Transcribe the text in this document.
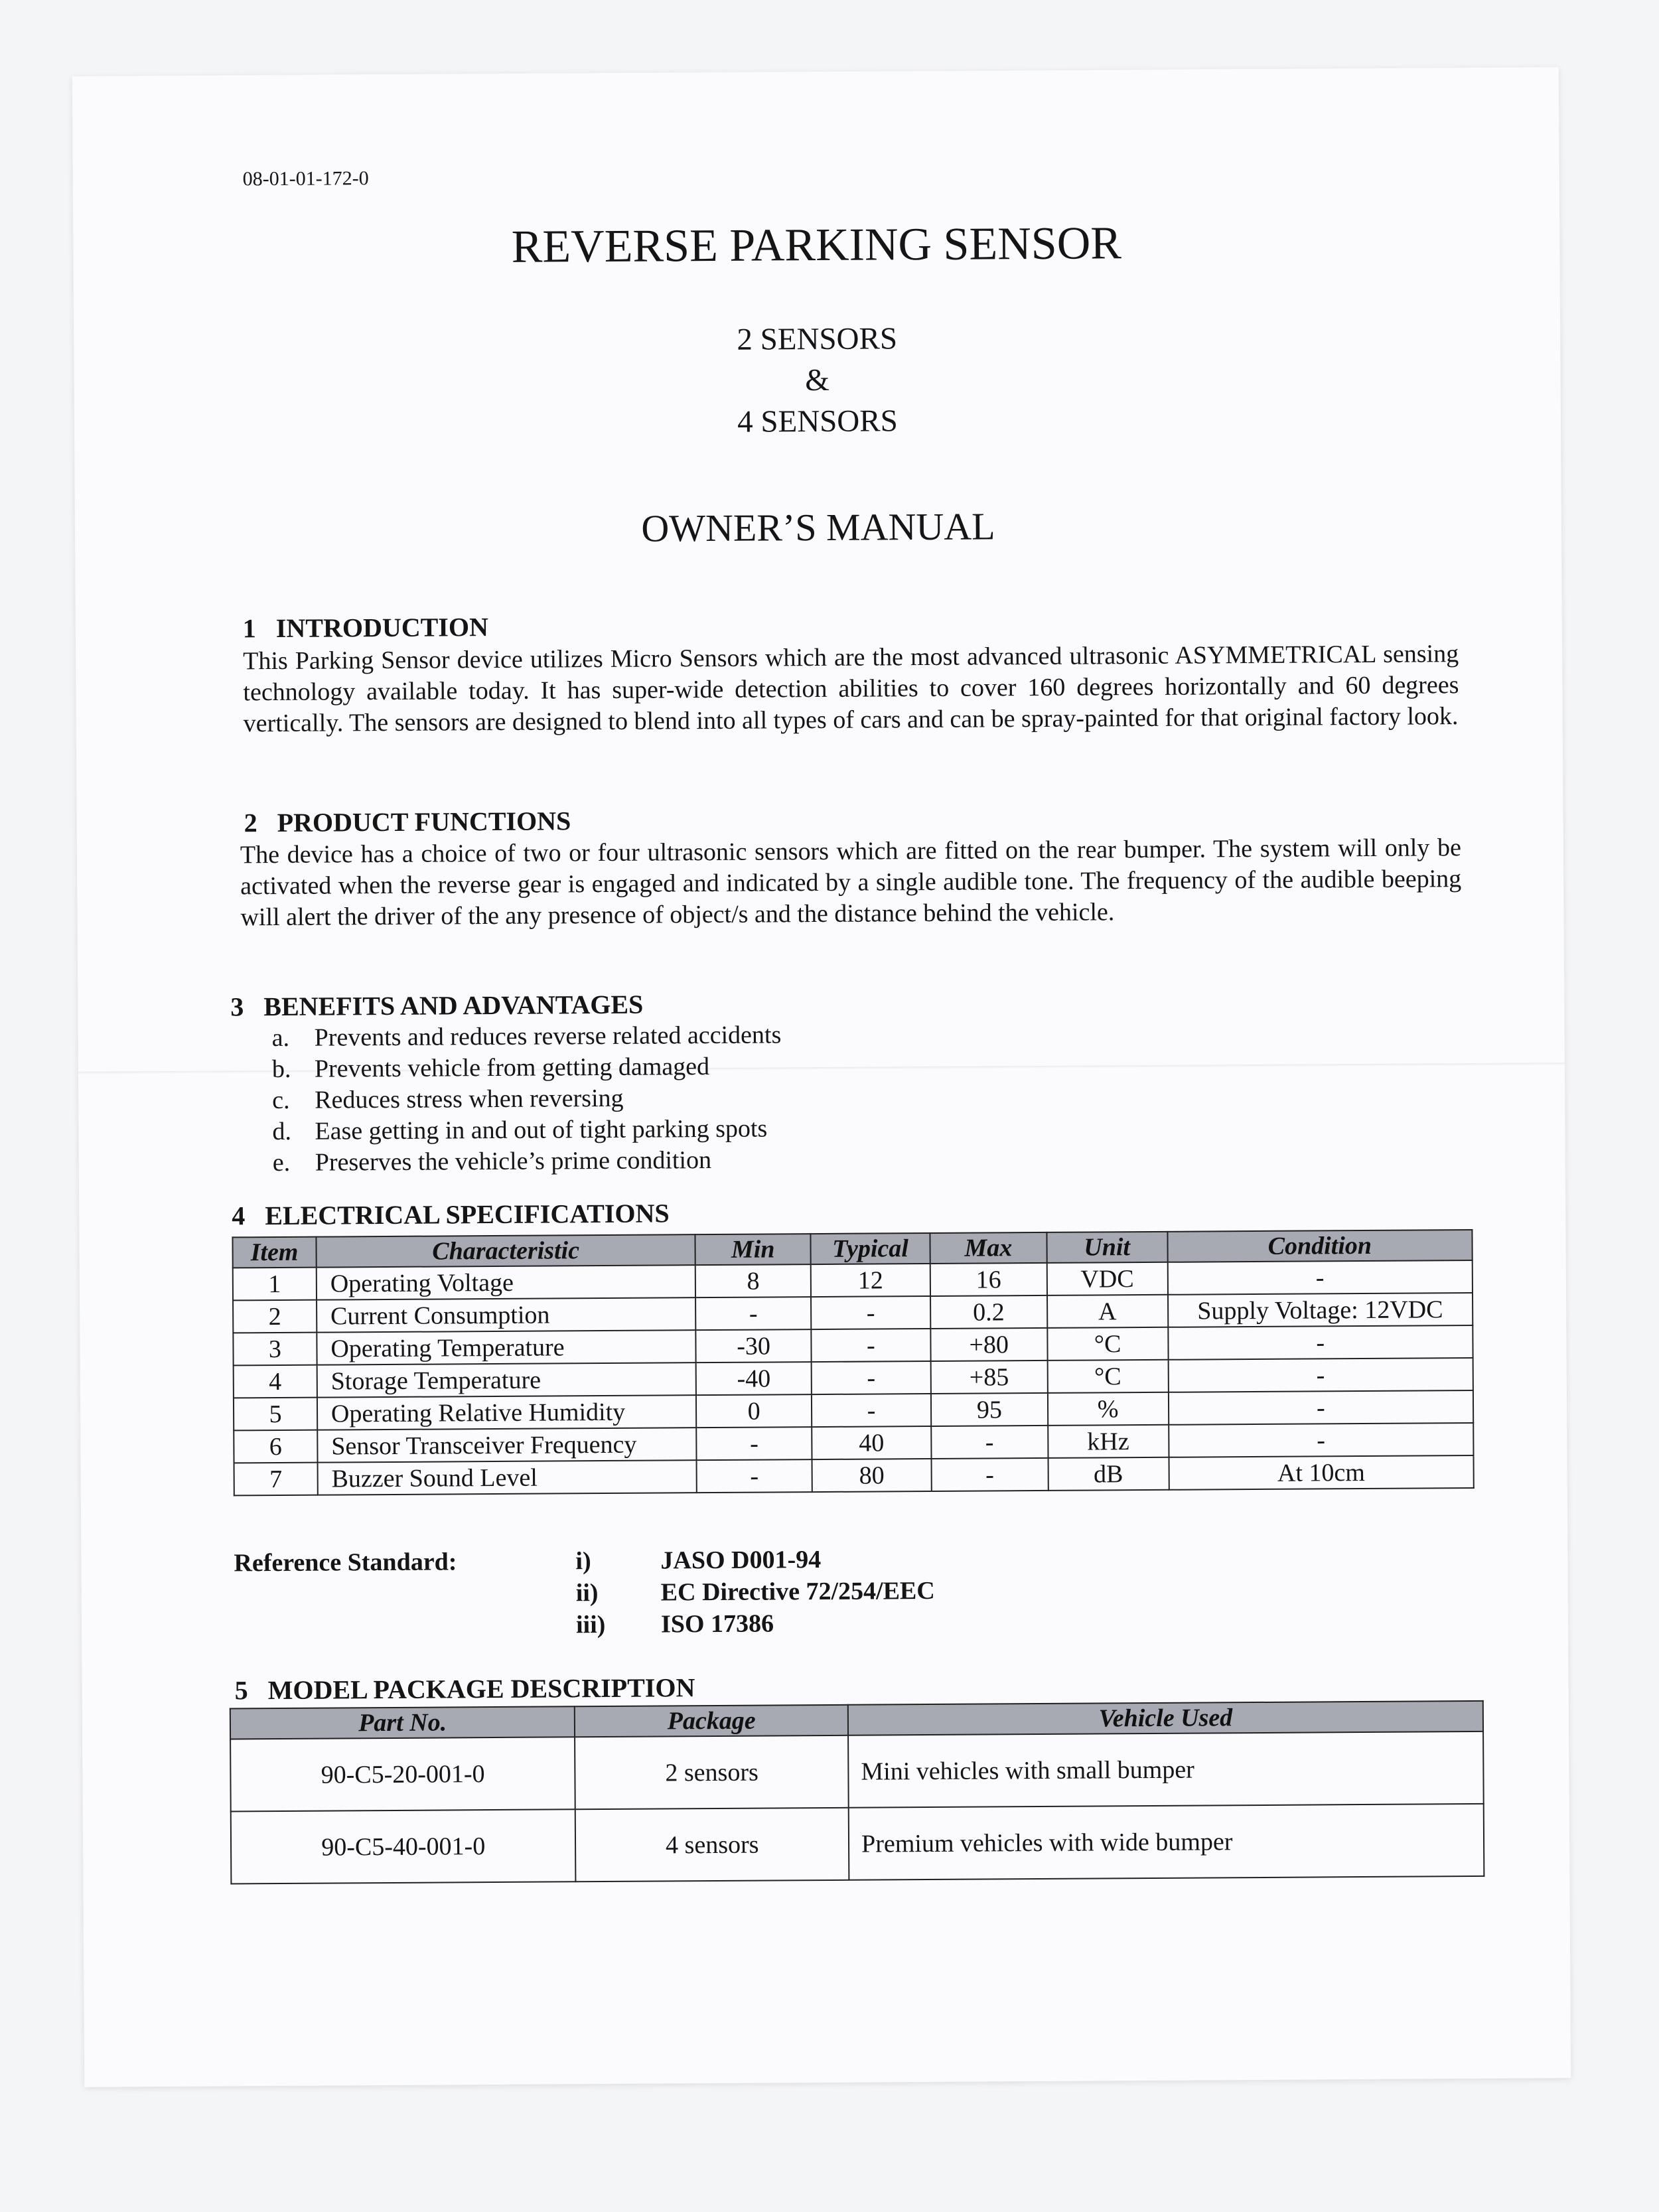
08-01-01-172-0
REVERSE PARKING SENSOR
2 SENSORS
&
4 SENSORS
OWNER’S MANUAL
1   INTRODUCTION
This Parking Sensor device utilizes Micro Sensors which are the most advanced ultrasonic ASYMMETRICAL sensing technology available today. It has super-wide detection abilities to cover 160 degrees horizontally and 60 degrees vertically. The sensors are designed to blend into all types of cars and can be spray-painted for that original factory look.
2   PRODUCT FUNCTIONS
The device has a choice of two or four ultrasonic sensors which are fitted on the rear bumper. The system will only be activated when the reverse gear is engaged and indicated by a single audible tone. The frequency of the audible beeping will alert the driver of the any presence of object/s and the distance behind the vehicle.
3   BENEFITS AND ADVANTAGES
a. Prevents and reduces reverse related accidents
b. Prevents vehicle from getting damaged
c. Reduces stress when reversing
d. Ease getting in and out of tight parking spots
e. Preserves the vehicle’s prime condition
4   ELECTRICAL SPECIFICATIONS
Item	Characteristic	Min	Typical	Max	Unit	Condition
1	Operating Voltage	8	12	16	VDC	-
2	Current Consumption	-	-	0.2	A	Supply Voltage: 12VDC
3	Operating Temperature	-30	-	+80	°C	-
4	Storage Temperature	-40	-	+85	°C	-
5	Operating Relative Humidity	0	-	95	%	-
6	Sensor Transceiver Frequency	-	40	-	kHz	-
7	Buzzer Sound Level	-	80	-	dB	At 10cm
Reference Standard:	i)	JASO D001-94
ii) EC Directive 72/254/EEC
iii) ISO 17386
5   MODEL PACKAGE DESCRIPTION
Part No.	Package	Vehicle Used
90-C5-20-001-0	2 sensors	Mini vehicles with small bumper
90-C5-40-001-0	4 sensors	Premium vehicles with wide bumper
